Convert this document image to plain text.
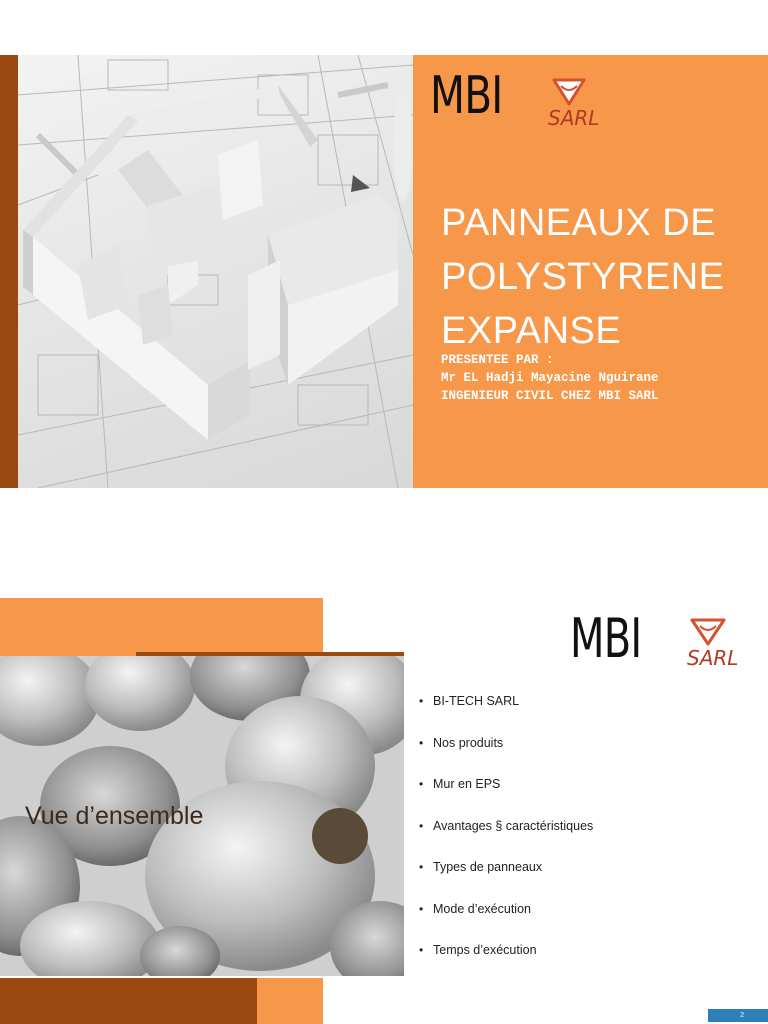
MBI SARL
PANNEAUX DE
POLYSTYRENE
EXPANSE
PRESENTEE PAR :
Mr EL Hadji Mayacine Nguirane
INGENIEUR CIVIL CHEZ MBI SARL
Vue d’ensemble
MBI SARL
• BI-TECH SARL
• Nos produits
• Mur en EPS
• Avantages § caractéristiques
• Types de panneaux
• Mode d’exécution
• Temps d’exécution
2
